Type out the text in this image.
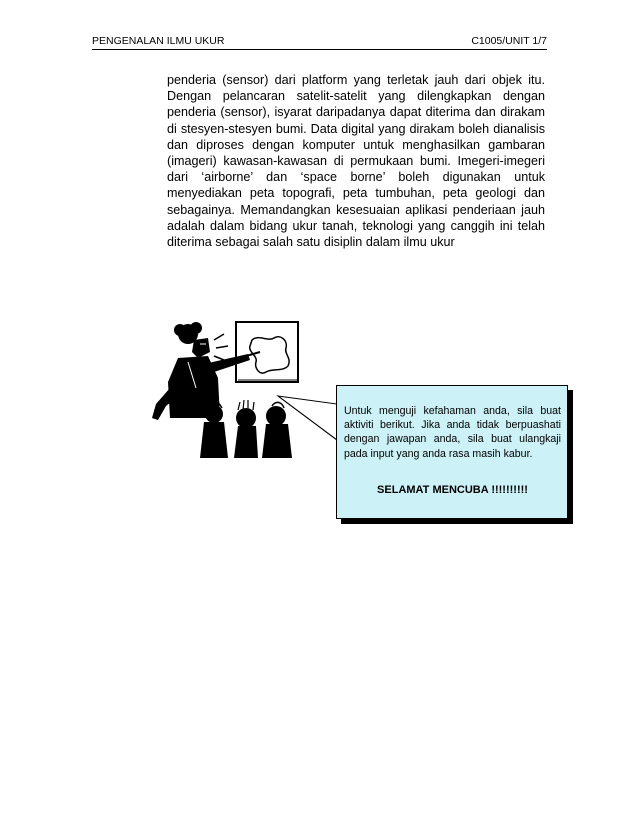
PENGENALAN ILMU UKUR	C1005/UNIT 1/7

penderia (sensor) dari platform yang terletak jauh dari objek itu. Dengan pelancaran satelit-satelit yang dilengkapkan dengan penderia (sensor), isyarat daripadanya dapat diterima dan dirakam di stesyen-stesyen bumi. Data digital yang dirakam boleh dianalisis dan diproses dengan komputer untuk menghasilkan gambaran (imageri) kawasan-kawasan di permukaan bumi. Imegeri-imegeri dari ‘airborne’ dan ‘space borne’ boleh digunakan untuk menyediakan peta topografi, peta tumbuhan, peta geologi dan sebagainya. Memandangkan kesesuaian aplikasi penderiaan jauh adalah dalam bidang ukur tanah, teknologi yang canggih ini telah diterima sebagai salah satu disiplin dalam ilmu ukur

Untuk menguji kefahaman anda, sila buat aktiviti berikut. Jika anda tidak berpuashati dengan jawapan anda, sila buat ulangkaji pada input yang anda rasa masih kabur.

SELAMAT MENCUBA !!!!!!!!!!
